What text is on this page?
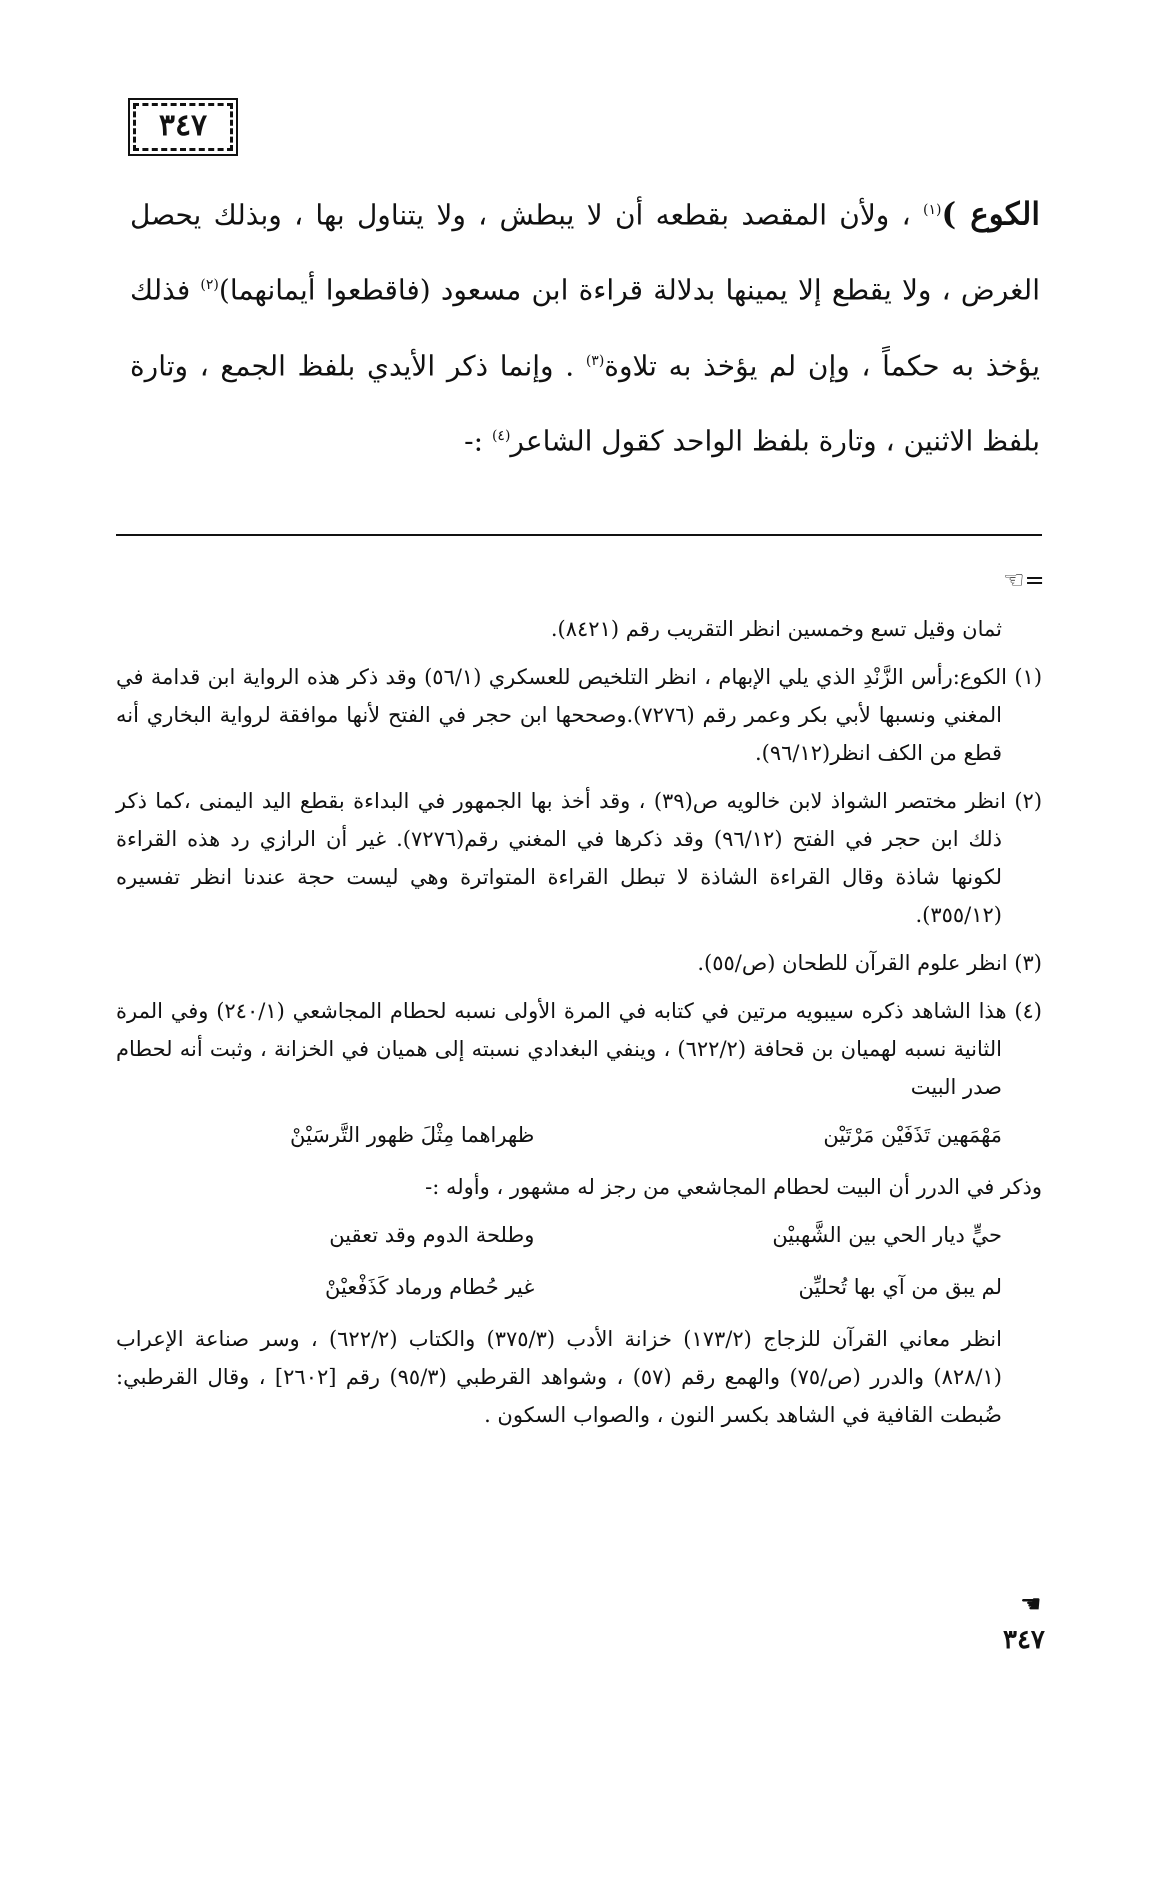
٣٤٧

الكوع )$^{(١)}$ ، ولأن المقصد بقطعه أن لا يبطش ، ولا يتناول بها ، وبذلك يحصل الغرض ، ولا يقطع إلا يمينها بدلالة قراءة ابن مسعود (فاقطعوا أيمانهما)$^{(٢)}$ فذلك يؤخذ به حكماً ، وإن لم يؤخذ به تلاوة$^{(٣)}$ . وإنما ذكر الأيدي بلفظ الجمع ، وتارة بلفظ الاثنين ، وتارة بلفظ الواحد كقول الشاعر$^{(٤)}$ :-

☜=

ثمان وقيل تسع وخمسين انظر التقريب رقم (٨٤٢١).

(١) الكوع:رأس الزَّنْدِ الذي يلي الإبهام ، انظر التلخيص للعسكري (٥٦/١) وقد ذكر هذه الرواية ابن قدامة في المغني ونسبها لأبي بكر وعمر رقم (٧٢٧٦).وصححها ابن حجر في الفتح لأنها موافقة لرواية البخاري أنه قطع من الكف انظر(٩٦/١٢).

(٢) انظر مختصر الشواذ لابن خالويه ص(٣٩) ، وقد أخذ بها الجمهور في البداءة بقطع اليد اليمنى ،كما ذكر ذلك ابن حجر في الفتح (٩٦/١٢) وقد ذكرها في المغني رقم(٧٢٧٦). غير أن الرازي رد هذه القراءة لكونها شاذة وقال القراءة الشاذة لا تبطل القراءة المتواترة وهي ليست حجة عندنا انظر تفسيره (٣٥٥/١٢).

(٣) انظر علوم القرآن للطحان (ص/٥٥).

(٤) هذا الشاهد ذكره سيبويه مرتين في كتابه في المرة الأولى نسبه لحطام المجاشعي (٢٤٠/١) وفي المرة الثانية نسبه لهميان بن قحافة (٦٢٢/٢) ، وينفي البغدادي نسبته إلى هميان في الخزانة ، وثبت أنه لحطام صدر البيت

مَهْمَهين تَذَفَيْن مَرْتَيْن
ظهراهما مِثْلَ ظهور التَّرسَيْنْ

وذكر في الدرر أن البيت لحطام المجاشعي من رجز له مشهور ، وأوله :-

حيٍّ ديار الحي بين الشَّهبيْن
وطلحة الدوم وقد تعقين
لم يبق من آي بها تُحليِّن
غير حُطام ورماد كَذَفْعيْنْ

انظر معاني القرآن للزجاج (١٧٣/٢) خزانة الأدب (٣٧٥/٣) والكتاب (٦٢٢/٢) ، وسر صناعة الإعراب (٨٢٨/١) والدرر (ص/٧٥) والهمع رقم (٥٧) ، وشواهد القرطبي (٩٥/٣) رقم [٢٦٠٢] ، وقال القرطبي: ضُبطت القافية في الشاهد بكسر النون ، والصواب السكون .

☚
٣٤٧
